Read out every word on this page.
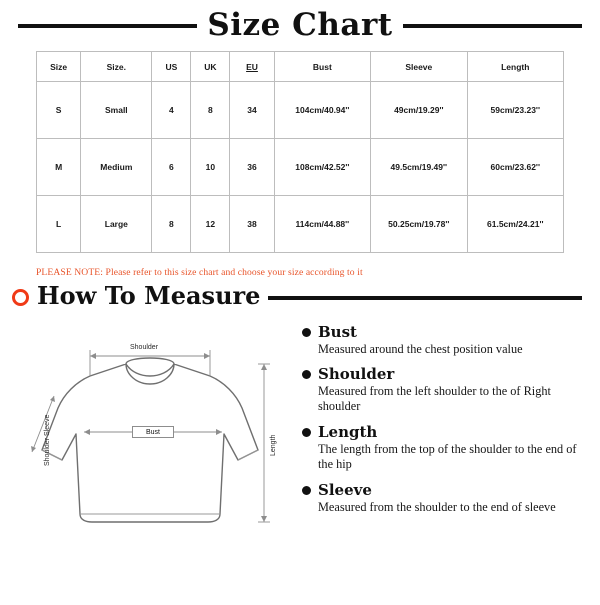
Size Chart
Size	Size.	US	UK	EU	Bust	Sleeve	Length
S	Small	4	8	34	104cm/40.94''	49cm/19.29''	59cm/23.23''
M	Medium	6	10	36	108cm/42.52''	49.5cm/19.49''	60cm/23.62''
L	Large	8	12	38	114cm/44.88''	50.25cm/19.78''	61.5cm/24.21''
PLEASE NOTE: Please refer to this size chart and choose your size according to it
How To Measure
Shoulder
Bust
Length
Shoulder Sleeve
Bust
Measured around the chest position value
Shoulder
Measured from the left shoulder to the of Right shoulder
Length
The length from the top of the shoulder to the end of the hip
Sleeve
Measured from the shoulder to the end of sleeve
